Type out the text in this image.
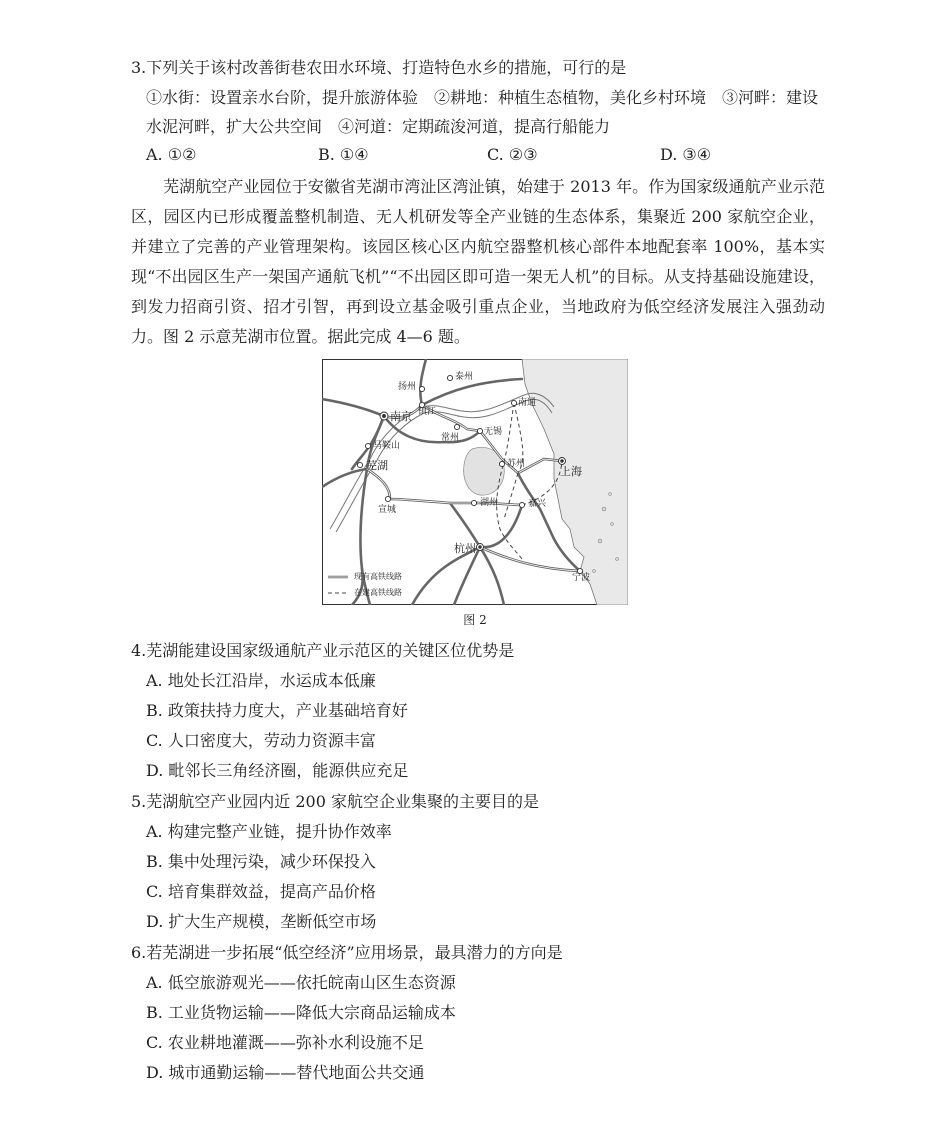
3.下列关于该村改善街巷农田水环境、打造特色水乡的措施，可行的是
①水街：设置亲水台阶，提升旅游体验　②耕地：种植生态植物，美化乡村环境　③河畔：建设
水泥河畔，扩大公共空间　④河道：定期疏浚河道，提高行船能力
A. ①②	B. ①④	C. ②③	D. ③④
芜湖航空产业园位于安徽省芜湖市湾沚区湾沚镇，始建于 2013 年。作为国家级通航产业示范区，园区内已形成覆盖整机制造、无人机研发等全产业链的生态体系，集聚近 200 家航空企业，并建立了完善的产业管理架构。该园区核心区内航空器整机核心部件本地配套率 100%，基本实现“不出园区生产一架国产通航飞机”“不出园区即可造一架无人机”的目标。从支持基础设施建设，到发力招商引资、招才引智，再到设立基金吸引重点企业，当地政府为低空经济发展注入强劲动力。图 2 示意芜湖市位置。据此完成 4—6 题。
扬州
泰州
南京 镇江
南通
常州
无锡
马鞍山
苏州
上海
芜湖
宣城
湖州	嘉兴
杭州
宁波
现有高铁线路
在建高铁线路
图 2
4.芜湖能建设国家级通航产业示范区的关键区位优势是
A. 地处长江沿岸，水运成本低廉
B. 政策扶持力度大，产业基础培育好
C. 人口密度大，劳动力资源丰富
D. 毗邻长三角经济圈，能源供应充足
5.芜湖航空产业园内近 200 家航空企业集聚的主要目的是
A. 构建完整产业链，提升协作效率
B. 集中处理污染，减少环保投入
C. 培育集群效益，提高产品价格
D. 扩大生产规模，垄断低空市场
6.若芜湖进一步拓展“低空经济”应用场景，最具潜力的方向是
A. 低空旅游观光——依托皖南山区生态资源
B. 工业货物运输——降低大宗商品运输成本
C. 农业耕地灌溉——弥补水利设施不足
D. 城市通勤运输——替代地面公共交通
